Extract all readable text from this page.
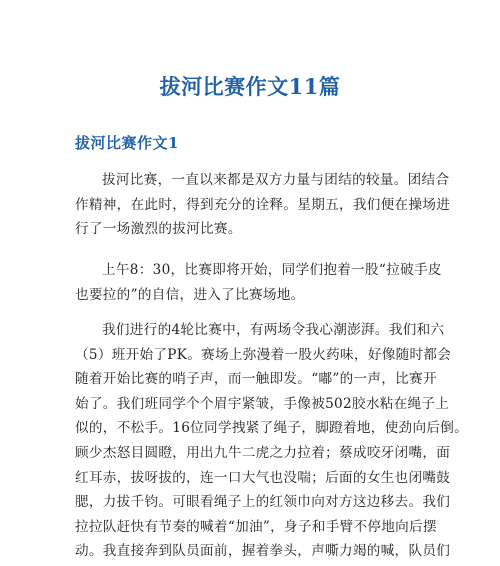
拔河比赛作文11篇
拔河比赛作文1

拔河比赛，一直以来都是双方力量与团结的较量。团结合
作精神，在此时，得到充分的诠释。星期五，我们便在操场进
行了一场激烈的拔河比赛。

上午8：30，比赛即将开始，同学们抱着一股“拉破手皮
也要拉的”的自信，进入了比赛场地。

我们进行的4轮比赛中，有两场令我心潮澎湃。我们和六
（5）班开始了PK。赛场上弥漫着一股火药味，好像随时都会
随着开始比赛的哨子声，而一触即发。“嘟”的一声，比赛开
始了。我们班同学个个眉宇紧皱，手像被502胶水粘在绳子上
似的，不松手。16位同学拽紧了绳子，脚蹬着地，使劲向后倒。
顾少杰怒目圆瞪，用出九牛二虎之力拉着；蔡成咬牙闭嘴，面
红耳赤，拔呀拔的，连一口大气也没喘；后面的女生也闭嘴鼓
腮，力拔千钧。可眼看绳子上的红领巾向对方这边移去。我们
拉拉队赶快有节奏的喊着“加油”，身子和手臂不停地向后摆
动。我直接奔到队员面前，握着拳头，声嘶力竭的喊，队员们
